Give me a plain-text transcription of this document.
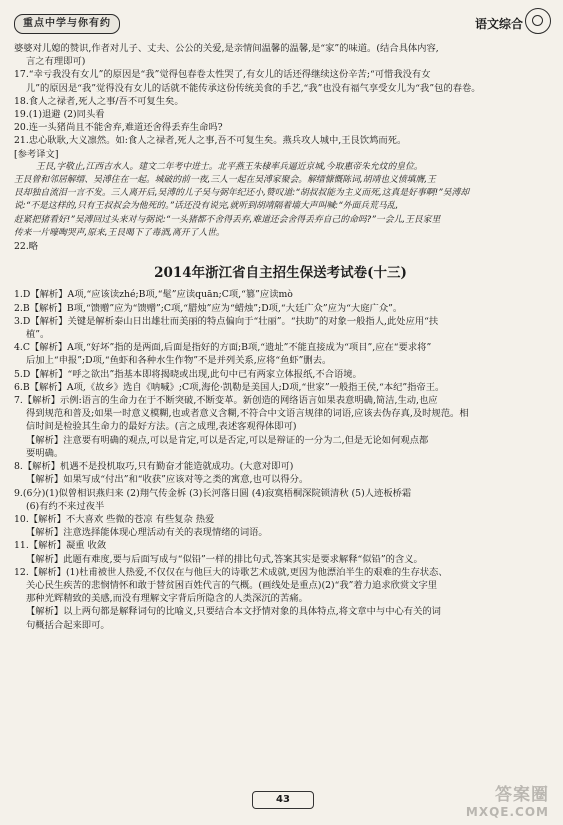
重点中学与你有约	语文综合
婆婆对儿媳的赞识,作者对儿子、丈夫、公公的关爱,是亲情间温馨的温馨,是“家”的味道。(结合具体内容,
言之有理即可)
17.“幸亏我没有女儿”的原因是“我”觉得包春卷太性哭了,有女儿的话还得继续这份辛苦;“可惜我没有女
儿”的原因是“我”觉得没有女儿的话就不能传承这份传统美食的手艺,“我”也没有福气享受女儿为“我”包的春卷。
18.食人之禄者,死人之事/吾不可复生矣。
19.(1)退避 (2)同头看
20.连一头猪尚且不能舍弃,难道还舍得丢弃生命吗?
21.忠心耿耿,大义凛然。如:食人之禄者,死人之事,吾不可复生矣。燕兵攻人城中,王艮饮鸩而死。
[参考译文]
王艮,字敬止,江西吉水人。建文二年考中进士。北平燕王朱棣率兵逼近京城,今取惠帝朱允炆的皇位。
王艮曾和邻居解缙、吴溥住在一起。城破的前一夜,三人一起在吴溥家聚会。解缙慷慨陈词,胡靖也义愤填膺,王
艮却独自流泪一言不发。三人离开后,吴溥的儿子吴与弼年纪还小,赞叹道:“胡叔叔能为主义而死,这真是好事啊!”吴溥却
说:“不是这样的,只有王叔叔会为他死的。”话还没有说完,就听到胡靖隔着墙大声叫喊:“外面兵荒马乱,
赶紧把猪看好!”吴溥回过头来对与弼说:“一头猪都不舍得丢弃,难道还会舍得丢弃自己的命吗?”一会儿,王艮家里
传来一片嚎啕哭声,原来,王艮喝下了毒酒,离开了人世。
22.略
2014年浙江省自主招生保送考试卷(十三)
1.D【解析】A项,“应该读zhé;B项,“髦”应读quān;C项,“篡”应读mò
2.B【解析】B项,“馈赠”应为“馈赠”;C项,“腊烛”应为“蜡烛”;D项,“大廷广众”应为“大庭广众”。
3.D【解析】关键是解析泰山日出雄壮而美丽的特点偏向于“壮丽”。“扶助”的对象一般指人,此处应用“扶
植”。
4.C【解析】A项,“好坏”指的是两面,后面是指好的方面;B项,“遗址”不能直接成为“项目”,应在“要求将”
后加上“申报”;D项,“鱼虾和各种水生作物”不是并列关系,应将“鱼虾”删去。
5.D【解析】“呼之欲出”指基本即将揭晓或出现,此句中已有两家立体报纸,不合语境。
6.B【解析】A项,《故乡》选自《呐喊》;C项,海伦·凯勒是美国人;D项,“世家”一般指王侯,“本纪”指帝王。
7.【解析】示例:语言的生命力在于不断突破,不断变革。新创造的网络语言如果表意明确,简洁,生动,也应
得到规范和普及;如果一时意义模糊,也或者意义含糊,不符合中文语言规律的词语,应该去伪存真,及时规范。相
信时间是检验其生命力的最好方法。(言之成理,表述客观得体即可)
【解析】注意要有明确的观点,可以是肯定,可以是否定,可以是辩证的一分为二,但是无论如何观点都
要明确。
8.【解析】机遇不是投机取巧,只有勤奋才能造就成功。(大意对即可)
【解析】如果写成“付出”和“收获”应该对等之类的寓意,也可以得分。
9.(6分)(1)似曾相识燕归来 (2)翔气传金柝 (3)长河落日圆 (4)寂寞梧桐深院锁清秋 (5)人迹板桥霜
(6)有约不来过夜半
10.【解析】不大喜欢 些微的苍凉 有些复杂 热爱
【解析】注意选择能体现心理活动有关的表现情绪的词语。
11.【解析】凝重 收敛
【解析】此题有难度,要与后面写成与“似铅”一样的排比句式,答案其实是要求解释“似铅”的含义。
12.【解析】(1)杜甫被世人热爱,不仅仅在与他巨大的诗歌艺术成就,更因为他漂泊半生的艰难的生存状态、
关心民生疾苦的悲悯情怀和敢于替贫困百姓代言的气概。(画线处是重点)(2)“我”着力追求欣赏文字里
那种光辉精致的美感,而没有理解文字背后所隐含的人类深沉的苦痛。
【解析】以上两句都是解释词句的比喻义,只要结合本文抒情对象的具体特点,将文章中与中心有关的词
句概括合起来即可。
43	答案圈
MXQE.COM
